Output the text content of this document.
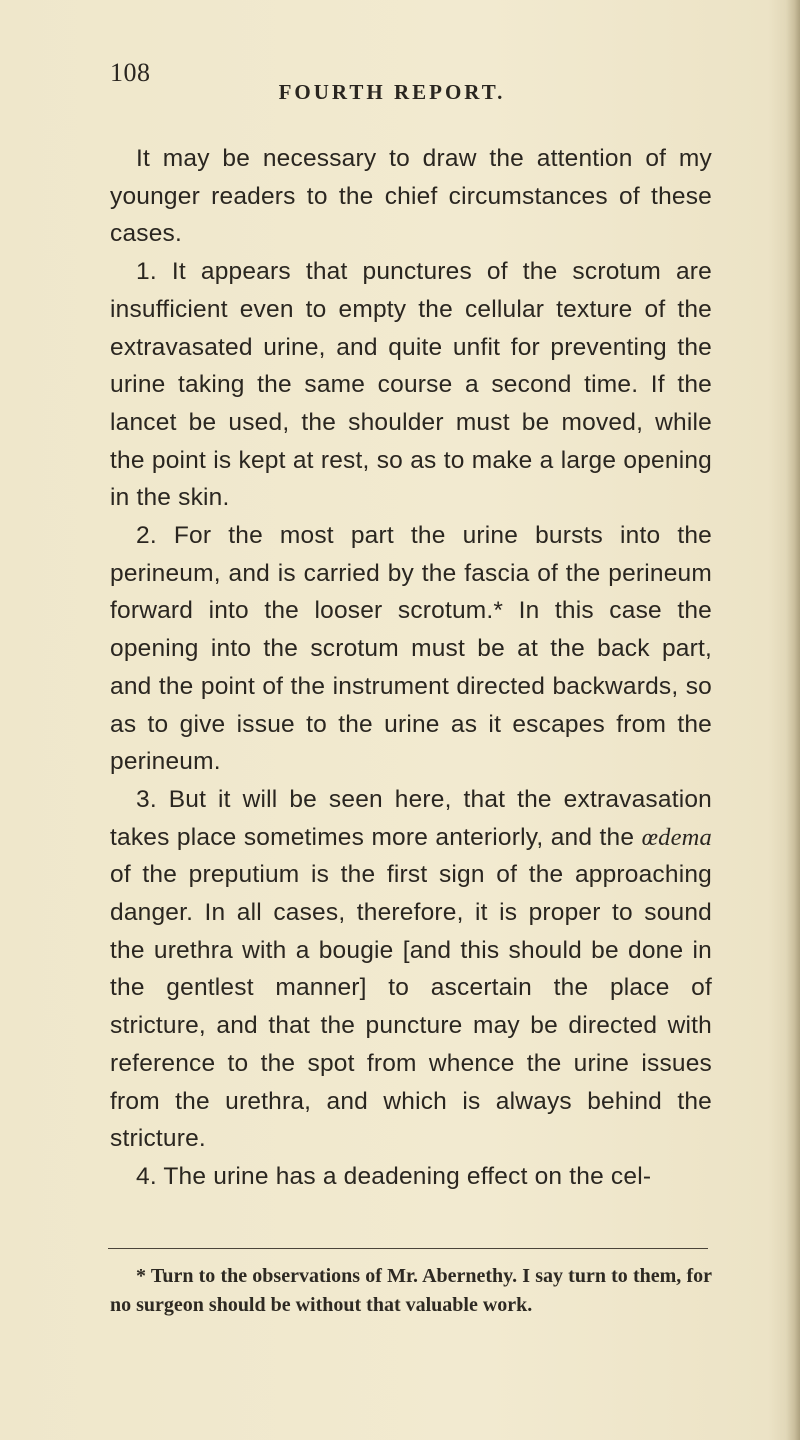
108
FOURTH REPORT.

It may be necessary to draw the attention of my younger readers to the chief circumstances of these cases.

1. It appears that punctures of the scrotum are insufficient even to empty the cellular texture of the extravasated urine, and quite unfit for preventing the urine taking the same course a second time. If the lancet be used, the shoulder must be moved, while the point is kept at rest, so as to make a large opening in the skin.

2. For the most part the urine bursts into the perineum, and is carried by the fascia of the perineum forward into the looser scrotum.* In this case the opening into the scrotum must be at the back part, and the point of the instrument directed backwards, so as to give issue to the urine as it escapes from the perineum.

3. But it will be seen here, that the extravasation takes place sometimes more anteriorly, and the œdema of the preputium is the first sign of the approaching danger. In all cases, therefore, it is proper to sound the urethra with a bougie [and this should be done in the gentlest manner] to ascertain the place of stricture, and that the puncture may be directed with reference to the spot from whence the urine issues from the urethra, and which is always behind the stricture.

4. The urine has a deadening effect on the cel-

* Turn to the observations of Mr. Abernethy. I say turn to them, for no surgeon should be without that valuable work.
